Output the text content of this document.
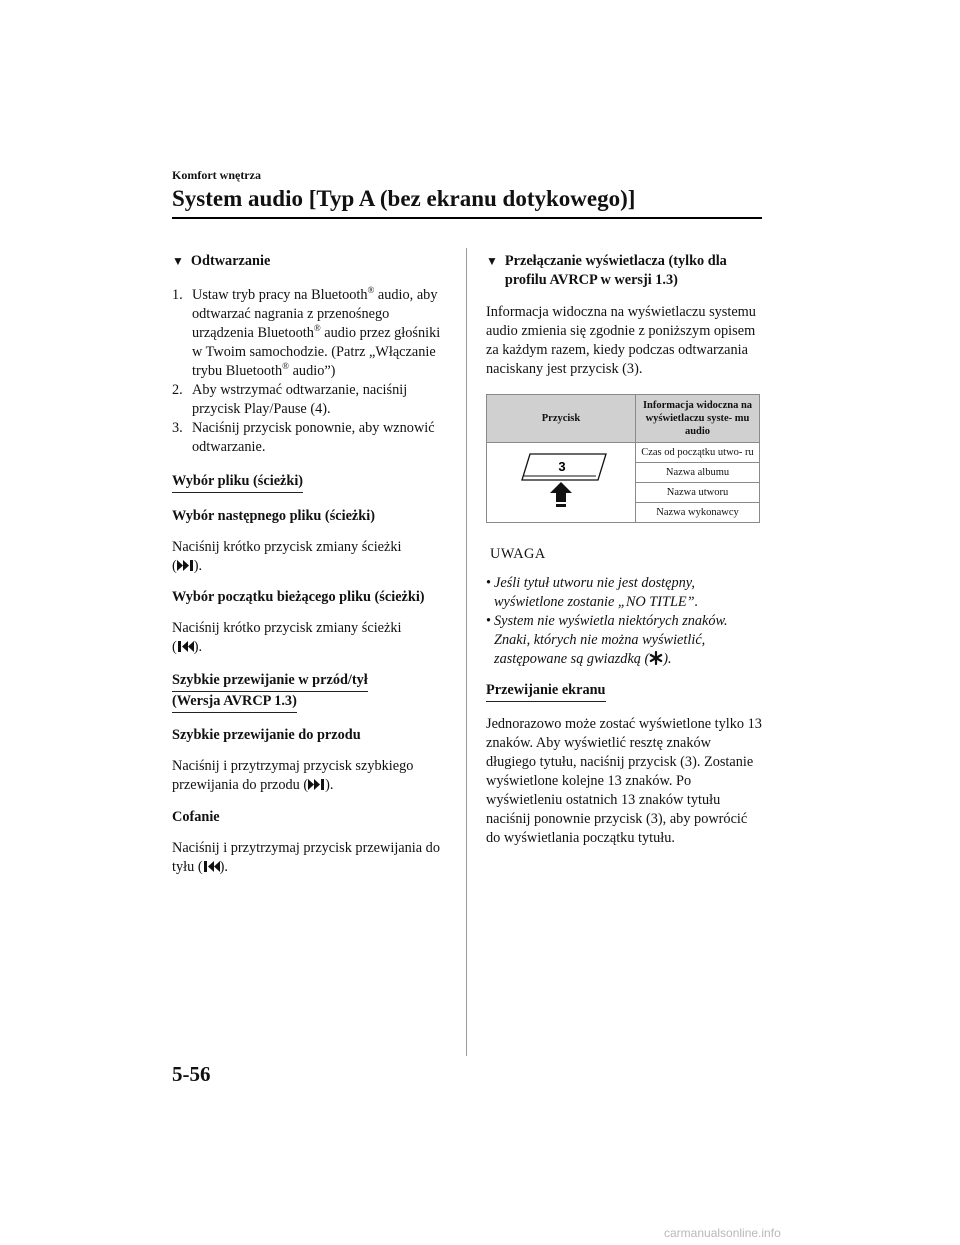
Komfort wnętrza
System audio [Typ A (bez ekranu dotykowego)]
▼ Odtwarzanie
1. Ustaw tryb pracy na Bluetooth® audio, aby odtwarzać nagrania z przenośnego urządzenia Bluetooth® audio przez głośniki w Twoim samochodzie. (Patrz „Włączanie trybu Bluetooth® audio”)
2. Aby wstrzymać odtwarzanie, naciśnij przycisk Play/Pause (4).
3. Naciśnij przycisk ponownie, aby wznowić odtwarzanie.
Wybór pliku (ścieżki)

Wybór następnego pliku (ścieżki)

Naciśnij krótko przycisk zmiany ścieżki
( ).

Wybór początku bieżącego pliku (ścieżki)

Naciśnij krótko przycisk zmiany ścieżki
( ).

Szybkie przewijanie w przód/tył
(Wersja AVRCP 1.3)

Szybkie przewijanie do przodu

Naciśnij i przytrzymaj przycisk szybkiego przewijania do przodu ( ).

Cofanie

Naciśnij i przytrzymaj przycisk przewijania do tyłu ( ).

▼ Przełączanie wyświetlacza (tylko dla profilu AVRCP w wersji 1.3)

Informacja widoczna na wyświetlaczu systemu audio zmienia się zgodnie z poniższym opisem za każdym razem, kiedy podczas odtwarzania naciskany jest przycisk (3).

Przycisk	Informacja widoczna na wyświetlaczu syste- mu audio

3	Czas od początku utwo- ru
	Nazwa albumu
	Nazwa utworu
	Nazwa wykonawcy

UWAGA

• Jeśli tytuł utworu nie jest dostępny, wyświetlone zostanie „NO TITLE”.
• System nie wyświetla niektórych znaków. Znaki, których nie można wyświetlić, zastępowane są gwiazdką ( ).
Przewijanie ekranu

Jednorazowo może zostać wyświetlone tylko 13 znaków. Aby wyświetlić resztę znaków długiego tytułu, naciśnij przycisk (3). Zostanie wyświetlone kolejne 13 znaków. Po wyświetleniu ostatnich 13 znaków tytułu naciśnij ponownie przycisk (3), aby powrócić do wyświetlania początku tytułu.

5-56
carmanualsonline.info
